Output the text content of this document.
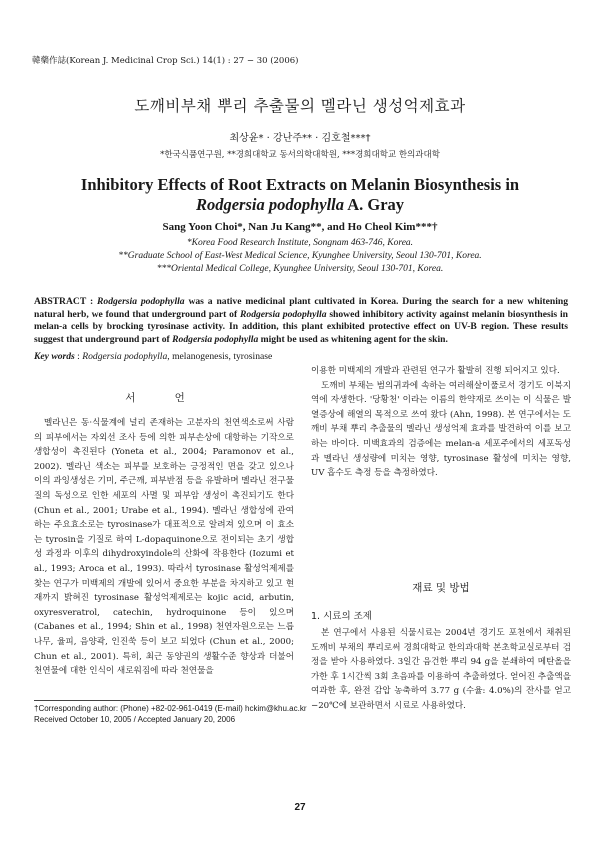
韓藥作誌(Korean J. Medicinal Crop Sci.) 14(1) : 27 − 30 (2006)
도깨비부채 뿌리 추출물의 멜라닌 생성억제효과
최상윤* · 강난주** · 김호철***†
*한국식품연구원, **경희대학교 동서의학대학원, ***경희대학교 한의과대학
Inhibitory Effects of Root Extracts on Melanin Biosynthesis in
Rodgersia podophylla A. Gray
Sang Yoon Choi*, Nan Ju Kang**, and Ho Cheol Kim***†
*Korea Food Research Institute, Songnam 463-746, Korea.
**Graduate School of East-West Medical Science, Kyunghee University, Seoul 130-701, Korea.
***Oriental Medical College, Kyunghee University, Seoul 130-701, Korea.
ABSTRACT : Rodgersia podophylla was a native medicinal plant cultivated in Korea. During the search for a new whitening natural herb, we found that underground part of Rodgersia podophylla showed inhibitory activity against melanin biosynthesis in melan-a cells by brocking tyrosinase activity. In addition, this plant exhibited protective effect on UV-B region. These results suggest that underground part of Rodgersia podophylla might be used as whitening agent for the skin.
Key words : Rodgersia podophylla, melanogenesis, tyrosinase
서 언

멜라닌은 동·식물계에 널리 존재하는 고분자의 천연색소로써 사람의 피부에서는 자외선 조사 등에 의한 피부손상에 대항하는 기작으로 생합성이 촉진된다 (Yoneta et al., 2004; Paramonov et al., 2002). 멜라닌 색소는 피부를 보호하는 긍정적인 면을 갖고 있으나 이의 과잉생성은 기미, 주근깨, 피부반점 등을 유발하며 멜라닌 전구물질의 독성으로 인한 세포의 사멸 및 피부암 생성이 촉진되기도 한다 (Chun et al., 2001; Urabe et al., 1994). 멜라닌 생합성에 관여하는 주요효소로는 tyrosinase가 대표적으로 알려져 있으며 이 효소는 tyrosin을 기질로 하여 L-dopaquinone으로 전이되는 초기 생합성 과정과 이후의 dihydroxyindole의 산화에 작용한다 (Iozumi et al., 1993; Aroca et al., 1993). 따라서 tyrosinase 활성억제제를 찾는 연구가 미백제의 개발에 있어서 중요한 부분을 차지하고 있고 현재까지 밝혀진 tyrosinase 활성억제제로는 kojic acid, arbutin, oxyresveratrol, catechin, hydroquinone 등이 있으며 (Cabanes et al., 1994; Shin et al., 1998) 천연자원으로는 느릅나무, 율피, 음양곽, 인진쑥 등이 보고 되었다 (Chun et al., 2000; Chun et al., 2001). 특히, 최근 동양권의 생활수준 향상과 더불어 천연물에 대한 인식이 새로워짐에 따라 천연물을

이용한 미백제의 개발과 관련된 연구가 활발히 진행 되어지고 있다.

도깨비 부채는 범의귀과에 속하는 여러해살이풀로서 경기도 이북지역에 자생한다. '당황천' 이라는 이름의 한약재로 쓰이는 이 식물은 발열증상에 해열의 목적으로 쓰여 왔다 (Ahn, 1998). 본 연구에서는 도깨비 부채 뿌리 추출물의 멜라닌 생성억제 효과를 발견하여 이를 보고하는 바이다. 미백효과의 검증에는 melan-a 세포주에서의 세포독성과 멜라닌 생성량에 미치는 영향, tyrosinase 활성에 미치는 영향, UV 흡수도 측정 등을 측정하였다.

재료 및 방법
1. 시료의 조제

본 연구에서 사용된 식물시료는 2004년 경기도 포천에서 채취된 도깨비 부채의 뿌리로써 경희대학교 한의과대학 본초학교실로부터 검정을 받아 사용하였다. 3일간 음건한 뿌리 94 g을 분쇄하여 메탄올을 가한 후 1시간씩 3회 초음파를 이용하여 추출하였다. 얻어진 추출액을 여과한 후, 완전 감압 농축하여 3.77 g (수율: 4.0%)의 잔사를 얻고 −20℃에 보관하면서 시료로 사용하였다.

†Corresponding author: (Phone) +82-02-961-0419 (E-mail) hckim@khu.ac.kr
Received October 10, 2005 / Accepted January 20, 2006
27
